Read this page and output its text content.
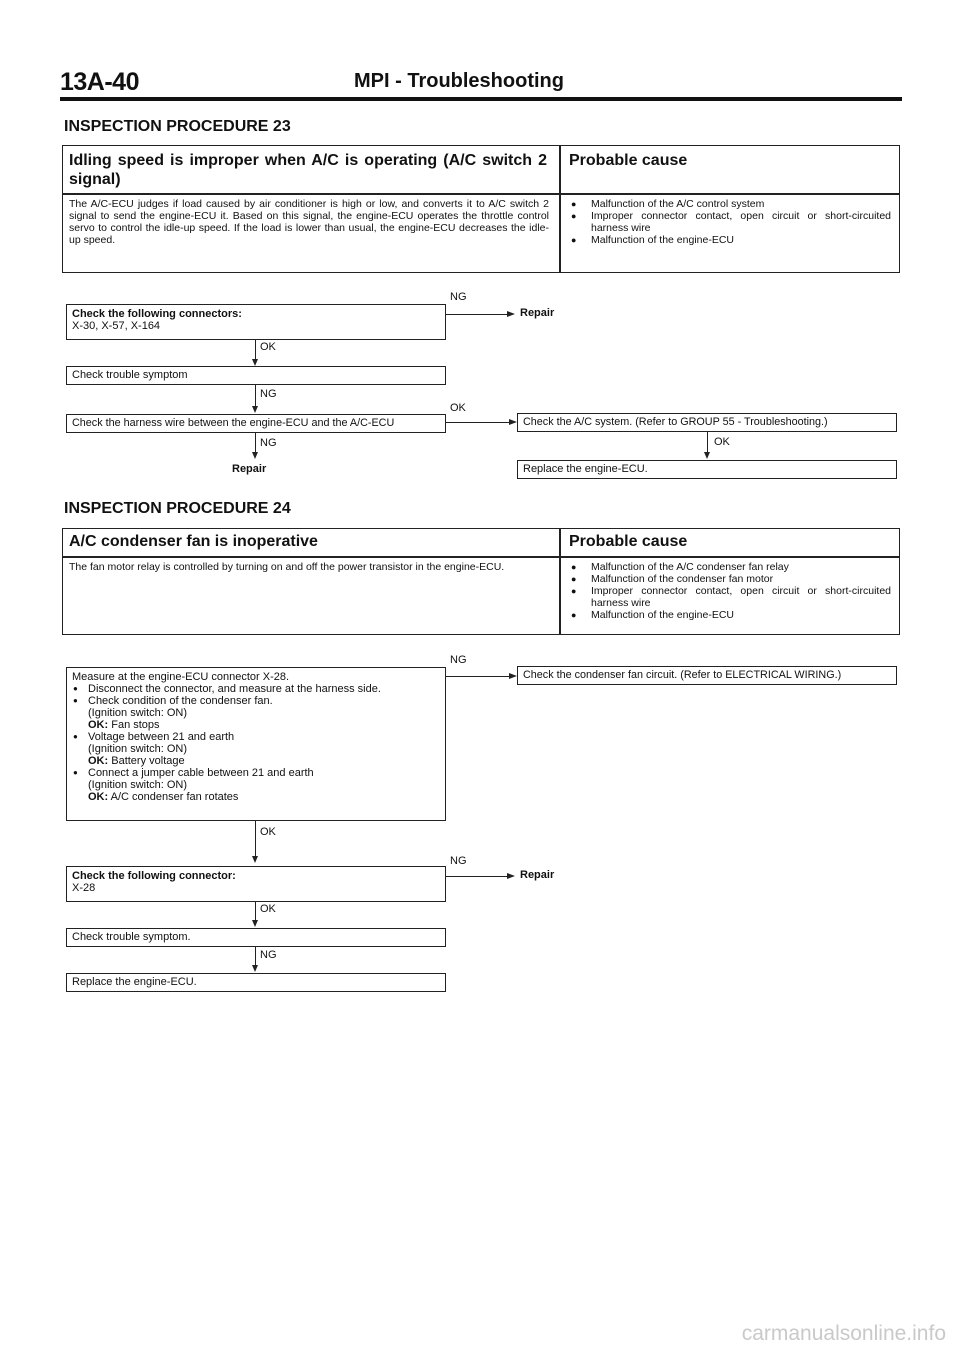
13A-40	MPI - Troubleshooting
INSPECTION PROCEDURE 23
Idling speed is improper when A/C is operating (A/C switch 2 signal)
Probable cause
The A/C-ECU judges if load caused by air conditioner is high or low, and converts it to A/C switch 2 signal to send the engine-ECU it. Based on this signal, the engine-ECU operates the throttle control servo to control the idle-up speed. If the load is lower than usual, the engine-ECU decreases the idle-up speed.
● Malfunction of the A/C control system
● Improper connector contact, open circuit or short-circuited harness wire
● Malfunction of the engine-ECU
Check the following connectors:
X-30, X-57, X-164
NG
Repair
OK
Check trouble symptom
NG
Check the harness wire between the engine-ECU and the A/C-ECU
OK
Check the A/C system. (Refer to GROUP 55 - Troubleshooting.)
NG
Repair
OK
Replace the engine-ECU.
INSPECTION PROCEDURE 24
A/C condenser fan is inoperative	Probable cause
The fan motor relay is controlled by turning on and off the power transistor in the engine-ECU.
●	Malfunction of the A/C condenser fan relay
● Malfunction of the condenser fan motor
● Improper connector contact, open circuit or short-circuited harness wire
● Malfunction of the engine-ECU
Measure at the engine-ECU connector X-28.
● Disconnect the connector, and measure at the harness side.
● Check condition of the condenser fan.
(Ignition switch: ON)
OK: Fan stops
● Voltage between 21 and earth
(Ignition switch: ON)
OK: Battery voltage
● Connect a jumper cable between 21 and earth
(Ignition switch: ON)
OK: A/C condenser fan rotates
NG
Check the condenser fan circuit. (Refer to ELECTRICAL WIRING.)
OK
Check the following connector:
X-28
NG
Repair
OK
Check trouble symptom.
NG
Replace the engine-ECU.
carmanualsonline.info
